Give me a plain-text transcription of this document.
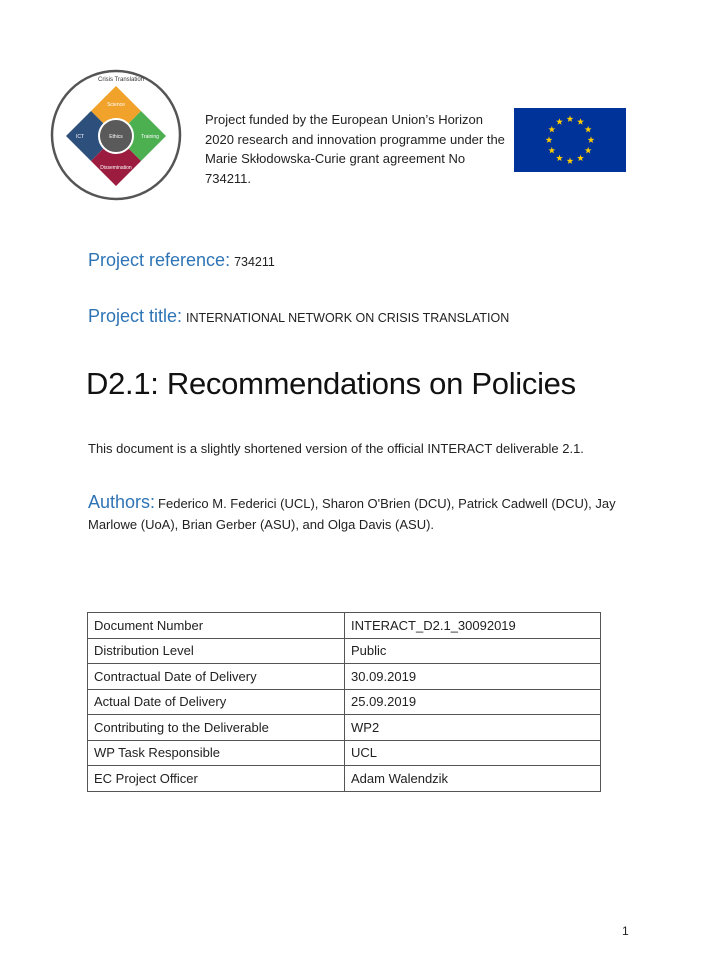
Crisis Translation
Science
ICT	Training
Dissemination
Ethics
Project funded by the European Union’s Horizon 2020 research and innovation programme under the Marie Skłodowska-Curie grant agreement No 734211.
Project reference: 734211
Project title: INTERNATIONAL NETWORK ON CRISIS TRANSLATION
D2.1: Recommendations on Policies
This document is a slightly shortened version of the official INTERACT deliverable 2.1.
Authors: Federico M. Federici (UCL), Sharon O'Brien (DCU), Patrick Cadwell (DCU), Jay Marlowe (UoA), Brian Gerber (ASU), and Olga Davis (ASU).
Document Number	INTERACT_D2.1_30092019
Distribution Level	Public
Contractual Date of Delivery	30.09.2019
Actual Date of Delivery	25.09.2019
Contributing to the Deliverable	WP2
WP Task Responsible	UCL
EC Project Officer	Adam Walendzik
1
